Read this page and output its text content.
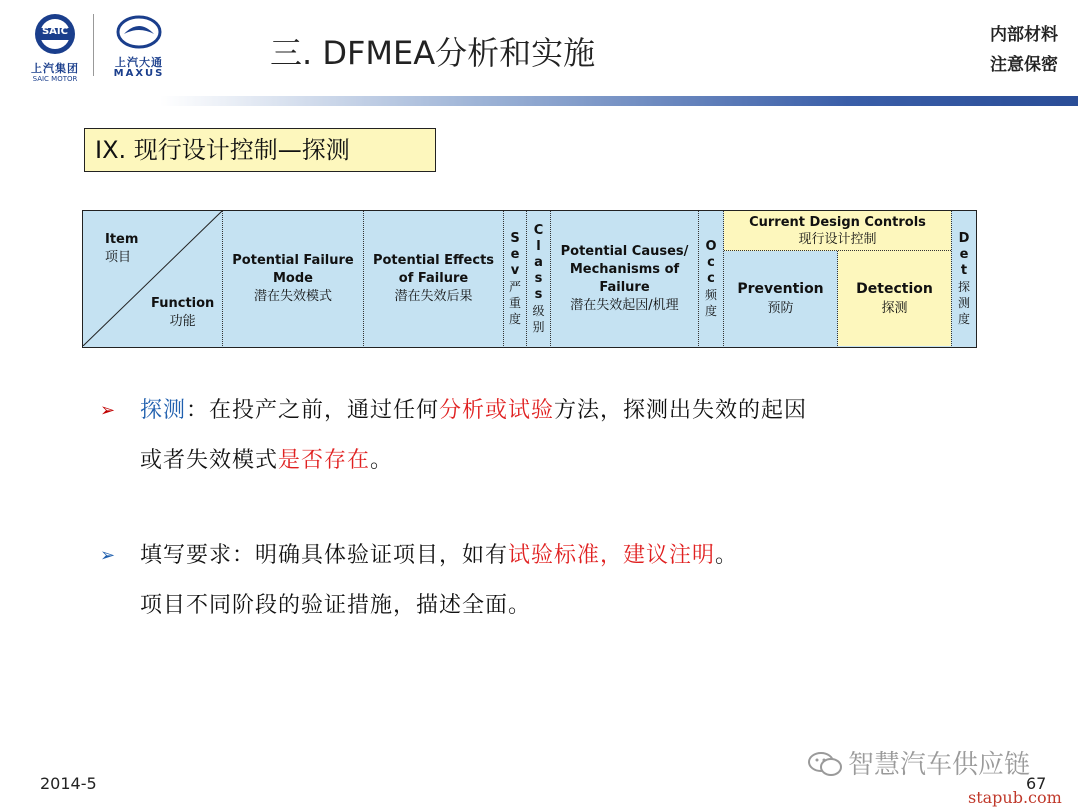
SAIC
上汽集团
SAIC MOTOR
上汽大通
MAXUS
三. DFMEA分析和实施	内部材料
注意保密
IX. 现行设计控制—探测
Item
项目
Function
功能
Potential Failure Mode
潜在失效模式
Potential Effects of Failure
潜在失效后果
S
e
v
严
重
度
C
l
a
s
s
级
别
Potential Causes/ Mechanisms of Failure
潜在失效起因/机理
O
c
c
频
度
Current Design Controls
现行设计控制
Prevention
预防
Detection
探测
D
e
t
探
测
度
➢ 探测：在投产之前，通过任何分析或试验方法，探测出失效的起因
或者失效模式是否存在。
➢ 填写要求：明确具体验证项目，如有试验标准，建议注明。
项目不同阶段的验证措施，描述全面。
2014-5
智慧汽车供应链
67
stapub.com
